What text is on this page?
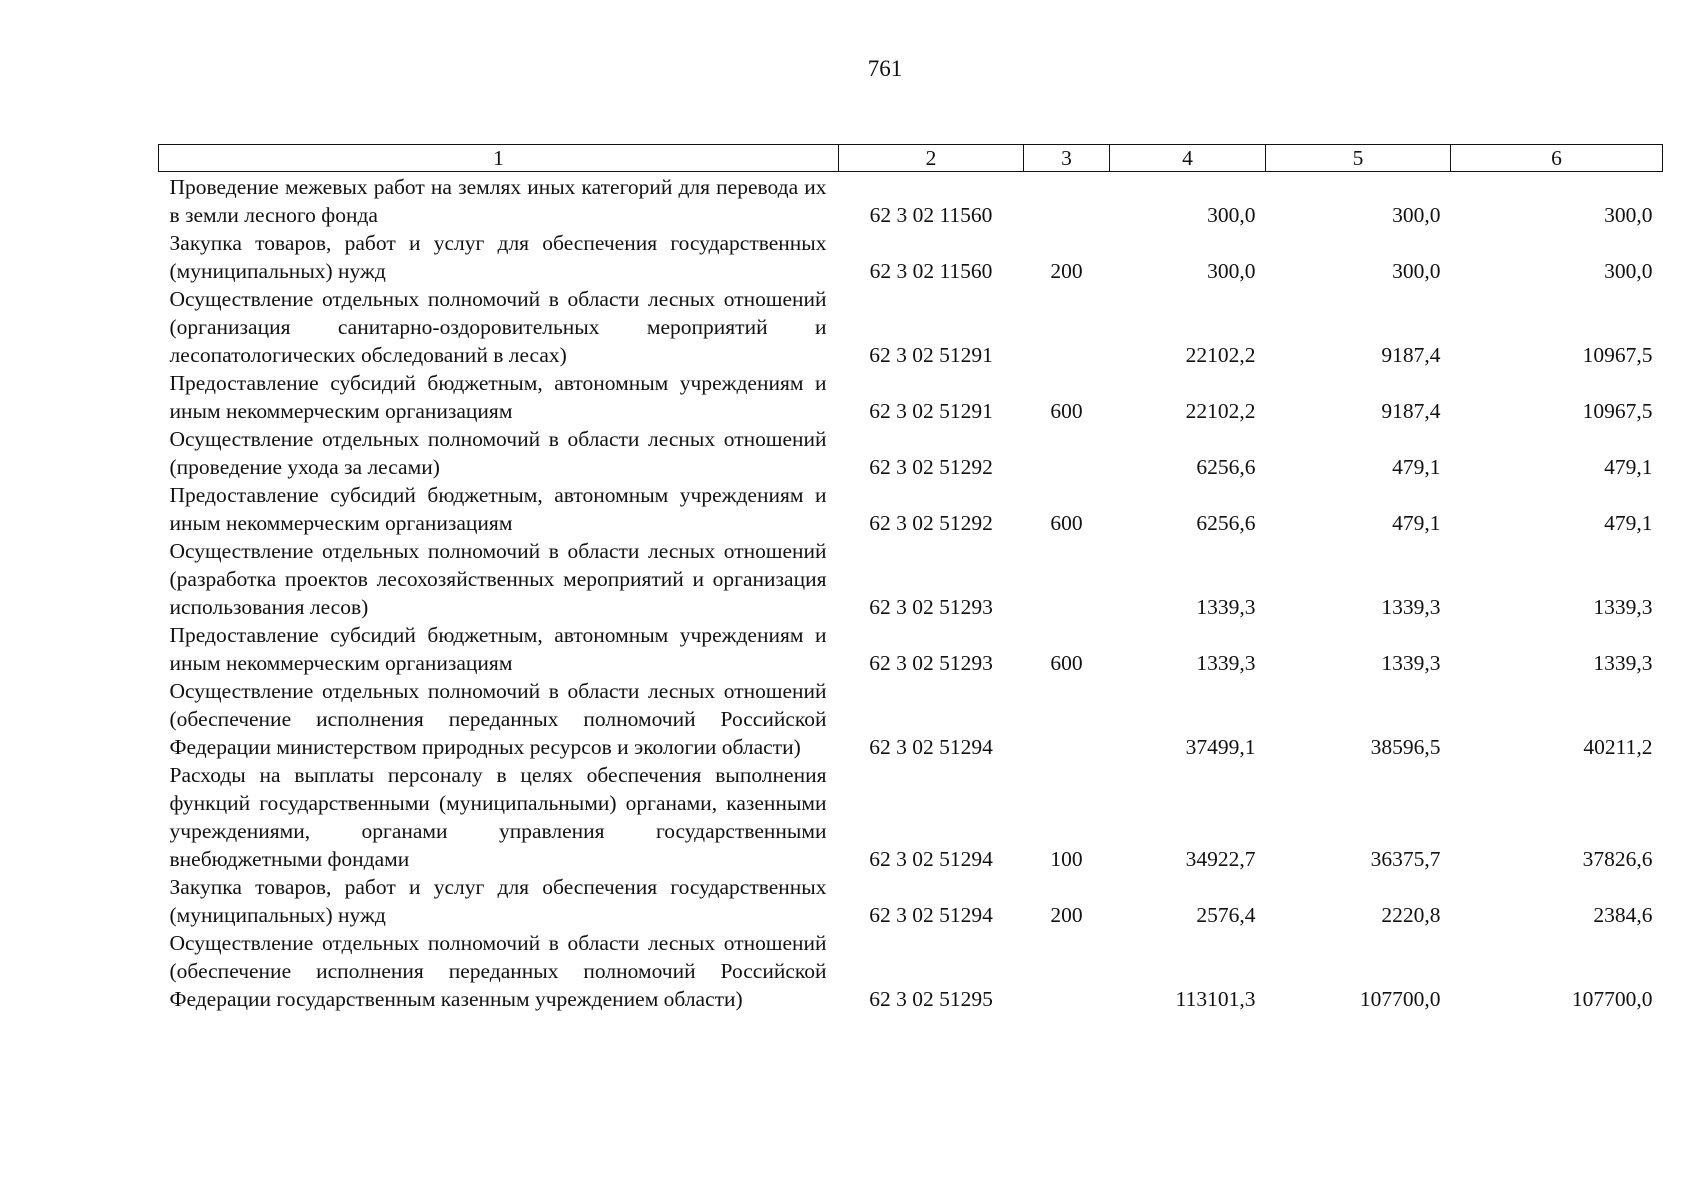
761
1	2	3	4	5	6
Проведение межевых работ на землях иных категорий для перевода их в земли лесного фонда	62 3 02 11560		300,0	300,0	300,0
Закупка товаров, работ и услуг для обеспечения государственных (муниципальных) нужд	62 3 02 11560	200	300,0	300,0	300,0
Осуществление отдельных полномочий в области лесных отношений (организация санитарно-оздоровительных мероприятий и лесопатологических обследований в лесах)	62 3 02 51291		22102,2	9187,4	10967,5
Предоставление субсидий бюджетным, автономным учреждениям и иным некоммерческим организациям	62 3 02 51291	600	22102,2	9187,4	10967,5
Осуществление отдельных полномочий в области лесных отношений (проведение ухода за лесами)	62 3 02 51292		6256,6	479,1	479,1
Предоставление субсидий бюджетным, автономным учреждениям и иным некоммерческим организациям	62 3 02 51292	600	6256,6	479,1	479,1
Осуществление отдельных полномочий в области лесных отношений (разработка проектов лесохозяйственных мероприятий и организация использования лесов)	62 3 02 51293		1339,3	1339,3	1339,3
Предоставление субсидий бюджетным, автономным учреждениям и иным некоммерческим организациям	62 3 02 51293	600	1339,3	1339,3	1339,3
Осуществление отдельных полномочий в области лесных отношений (обеспечение исполнения переданных полномочий Российской Федерации министерством природных ресурсов и экологии области)	62 3 02 51294		37499,1	38596,5	40211,2
Расходы на выплаты персоналу в целях обеспечения выполнения функций государственными (муниципальными) органами, казенными учреждениями, органами управления государственными внебюджетными фондами	62 3 02 51294	100	34922,7	36375,7	37826,6
Закупка товаров, работ и услуг для обеспечения государственных (муниципальных) нужд	62 3 02 51294	200	2576,4	2220,8	2384,6
Осуществление отдельных полномочий в области лесных отношений (обеспечение исполнения переданных полномочий Российской Федерации государственным казенным учреждением области)	62 3 02 51295		113101,3	107700,0	107700,0
